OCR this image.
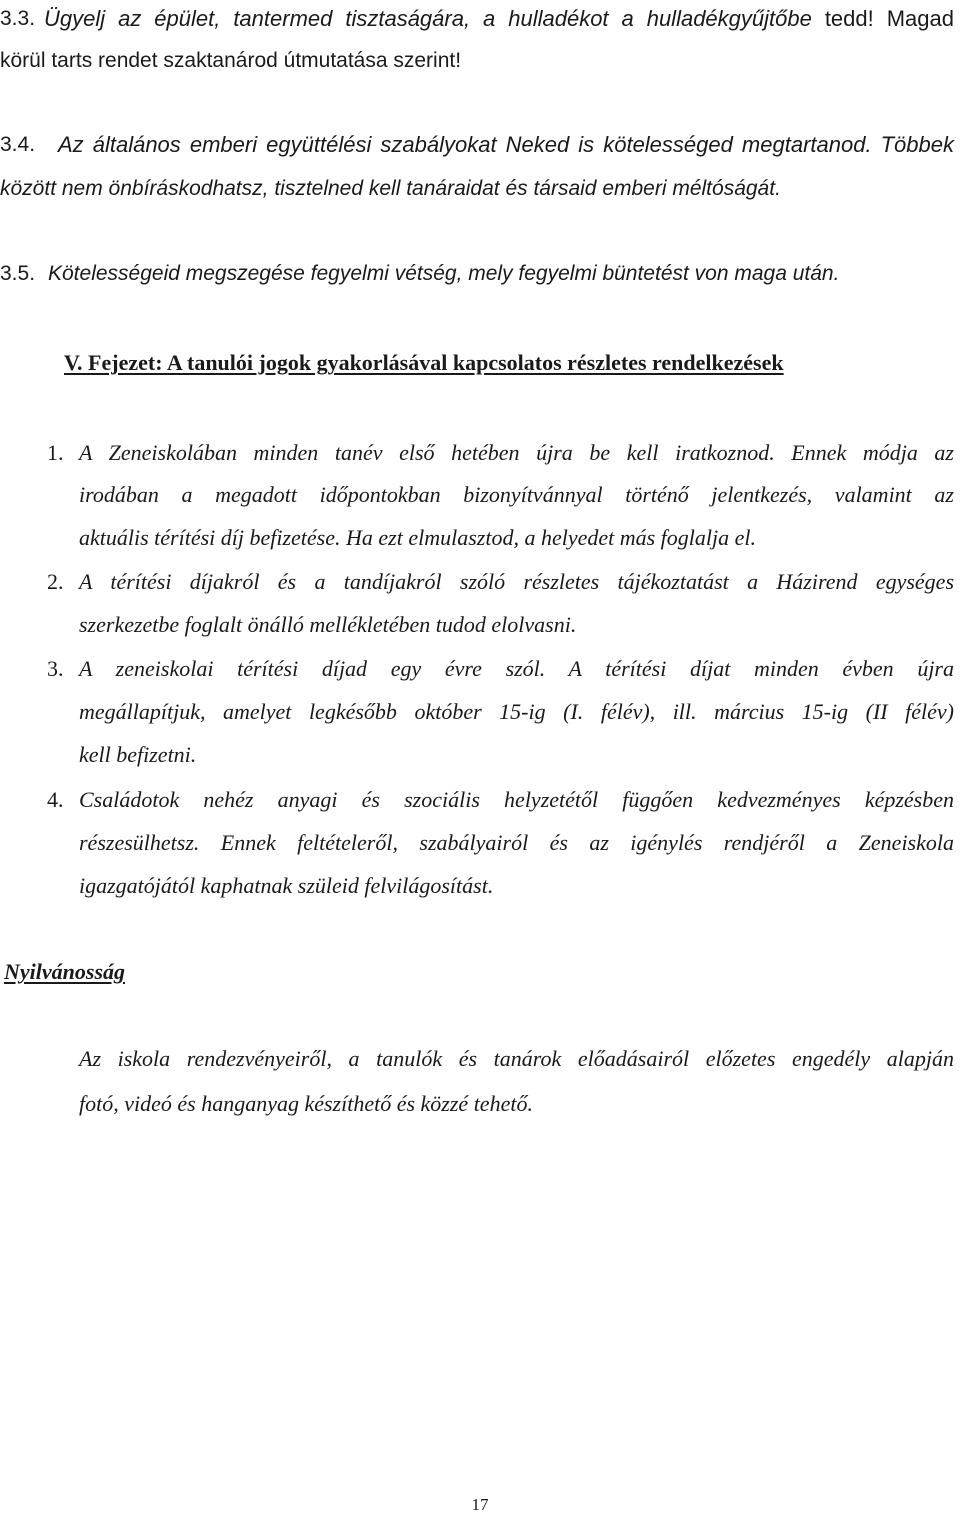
3.3. Ügyelj az épület, tantermed tisztaságára, a hulladékot a hulladékgyűjtőbe tedd! Magad
körül tarts rendet szaktanárod útmutatása szerint!
3.4. Az általános emberi együttélési szabályokat Neked is kötelességed megtartanod. Többek
között nem önbíráskodhatsz, tisztelned kell tanáraidat és társaid emberi méltóságát.
3.5. Kötelességeid megszegése fegyelmi vétség, mely fegyelmi büntetést von maga után.
V. Fejezet: A tanulói jogok gyakorlásával kapcsolatos részletes rendelkezések
1. A Zeneiskolában minden tanév első hetében újra be kell iratkoznod. Ennek módja az
irodában a megadott időpontokban bizonyítvánnyal történő jelentkezés, valamint az
aktuális térítési díj befizetése. Ha ezt elmulasztod, a helyedet más foglalja el.
2. A térítési díjakról és a tandíjakról szóló részletes tájékoztatást a Házirend egységes
szerkezetbe foglalt önálló mellékletében tudod elolvasni.
3. A zeneiskolai térítési díjad egy évre szól. A térítési díjat minden évben újra
megállapítjuk, amelyet legkésőbb október 15-ig (I. félév), ill. március 15-ig (II félév)
kell befizetni.
4. Családotok nehéz anyagi és szociális helyzetétől függően kedvezményes képzésben
részesülhetsz. Ennek feltételeről, szabályairól és az igénylés rendjéről a Zeneiskola
igazgatójától kaphatnak szüleid felvilágosítást.
Nyilvánosság
Az iskola rendezvényeiről, a tanulók és tanárok előadásairól előzetes engedély alapján
fotó, videó és hanganyag készíthető és közzé tehető.
17
